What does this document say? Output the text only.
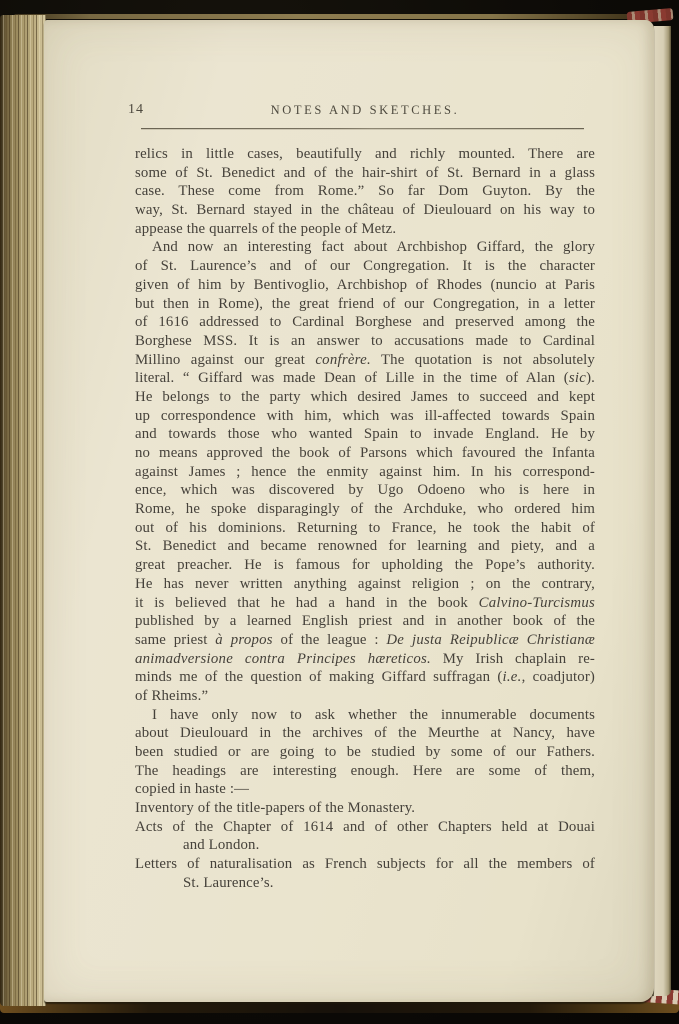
14	NOTES AND SKETCHES.
relics in little cases, beautifully and richly mounted. There are
some of St. Benedict and of the hair-shirt of St. Bernard in a glass
case. These come from Rome.” So far Dom Guyton. By the
way, St. Bernard stayed in the château of Dieulouard on his way to
appease the quarrels of the people of Metz.
And now an interesting fact about Archbishop Giffard, the glory
of St. Laurence’s and of our Congregation. It is the character
given of him by Bentivoglio, Archbishop of Rhodes (nuncio at Paris
but then in Rome), the great friend of our Congregation, in a letter
of 1616 addressed to Cardinal Borghese and preserved among the
Borghese MSS. It is an answer to accusations made to Cardinal
Millino against our great confrère. The quotation is not absolutely
literal. “ Giffard was made Dean of Lille in the time of Alan (sic).
He belongs to the party which desired James to succeed and kept
up correspondence with him, which was ill-affected towards Spain
and towards those who wanted Spain to invade England. He by
no means approved the book of Parsons which favoured the Infanta
against James ; hence the enmity against him. In his correspond-
ence, which was discovered by Ugo Odoeno who is here in
Rome, he spoke disparagingly of the Archduke, who ordered him
out of his dominions. Returning to France, he took the habit of
St. Benedict and became renowned for learning and piety, and a
great preacher. He is famous for upholding the Pope’s authority.
He has never written anything against religion ; on the contrary,
it is believed that he had a hand in the book Calvino-Turcismus
published by a learned English priest and in another book of the
same priest à propos of the league : De justa Reipublicæ Christianæ
animadversione contra Principes hæreticos. My Irish chaplain re-
minds me of the question of making Giffard suffragan (i.e., coadjutor)
of Rheims.”
I have only now to ask whether the innumerable documents
about Dieulouard in the archives of the Meurthe at Nancy, have
been studied or are going to be studied by some of our Fathers.
The headings are interesting enough. Here are some of them,
copied in haste :—
Inventory of the title-papers of the Monastery.
Acts of the Chapter of 1614 and of other Chapters held at Douai
and London.
Letters of naturalisation as French subjects for all the members of
St. Laurence’s.
